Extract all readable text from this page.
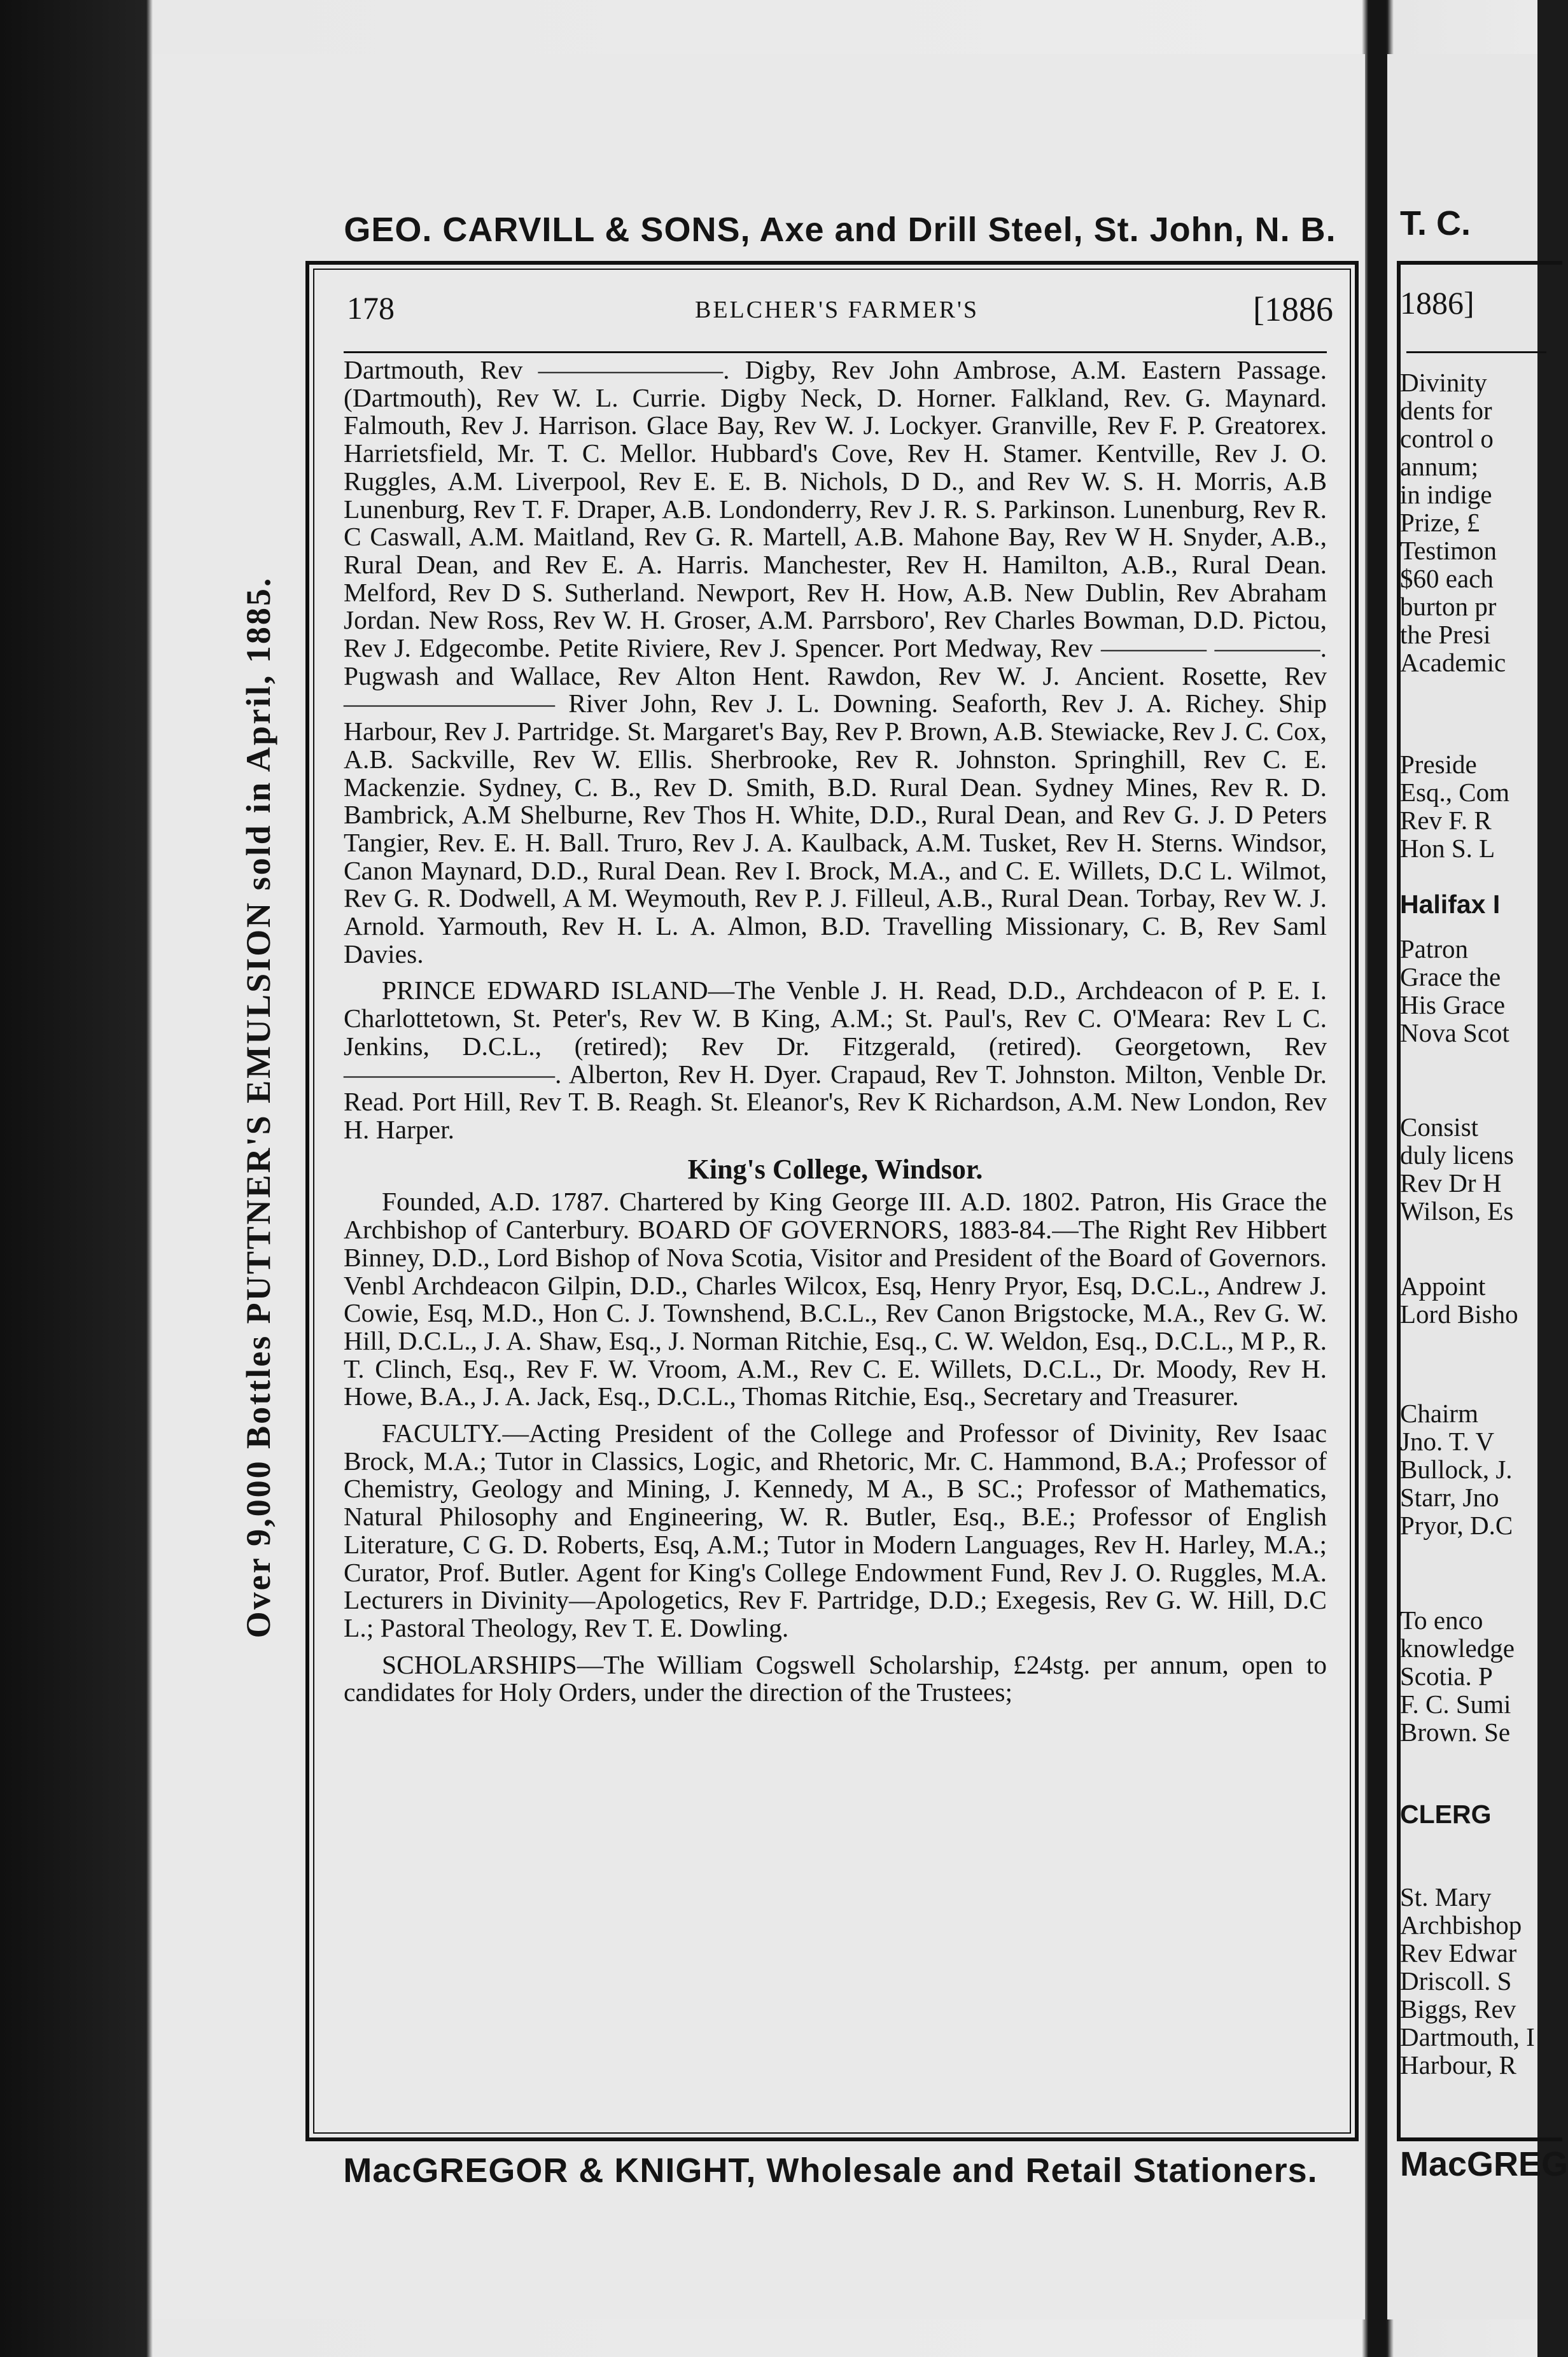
GEO. CARVILL & SONS, Axe and Drill Steel, St. John, N. B.
Over 9,000 Bottles PUTTNER'S EMULSION sold in April, 1885.
178	BELCHER'S FARMER'S	[1886

Dartmouth, Rev ———————. Digby, Rev John Ambrose, A.M. Eastern Passage. (Dartmouth), Rev W. L. Currie. Digby Neck, D. Horner. Falkland, Rev. G. Maynard. Falmouth, Rev J. Harrison. Glace Bay, Rev W. J. Lockyer. Granville, Rev F. P. Greatorex. Harrietsfield, Mr. T. C. Mellor. Hubbard's Cove, Rev H. Stamer. Kentville, Rev J. O. Ruggles, A.M. Liverpool, Rev E. E. B. Nichols, D D., and Rev W. S. H. Morris, A.B Lunenburg, Rev T. F. Draper, A.B. Londonderry, Rev J. R. S. Parkinson. Lunenburg, Rev R. C Caswall, A.M. Maitland, Rev G. R. Martell, A.B. Mahone Bay, Rev W H. Snyder, A.B., Rural Dean, and Rev E. A. Harris. Manchester, Rev H. Hamilton, A.B., Rural Dean. Melford, Rev D S. Sutherland. Newport, Rev H. How, A.B. New Dublin, Rev Abraham Jordan. New Ross, Rev W. H. Groser, A.M. Parrsboro', Rev Charles Bowman, D.D. Pictou, Rev J. Edgecombe. Petite Riviere, Rev J. Spencer. Port Medway, Rev ———— ————. Pugwash and Wallace, Rev Alton Hent. Rawdon, Rev W. J. Ancient. Rosette, Rev ———————— River John, Rev J. L. Downing. Seaforth, Rev J. A. Richey. Ship Harbour, Rev J. Partridge. St. Margaret's Bay, Rev P. Brown, A.B. Stewiacke, Rev J. C. Cox, A.B. Sackville, Rev W. Ellis. Sherbrooke, Rev R. Johnston. Springhill, Rev C. E. Mackenzie. Sydney, C. B., Rev D. Smith, B.D. Rural Dean. Sydney Mines, Rev R. D. Bambrick, A.M Shelburne, Rev Thos H. White, D.D., Rural Dean, and Rev G. J. D Peters Tangier, Rev. E. H. Ball. Truro, Rev J. A. Kaulback, A.M. Tusket, Rev H. Sterns. Windsor, Canon Maynard, D.D., Rural Dean. Rev I. Brock, M.A., and C. E. Willets, D.C L. Wilmot, Rev G. R. Dodwell, A M. Weymouth, Rev P. J. Filleul, A.B., Rural Dean. Torbay, Rev W. J. Arnold. Yarmouth, Rev H. L. A. Almon, B.D. Travelling Missionary, C. B, Rev Saml Davies.

PRINCE EDWARD ISLAND—The Venble J. H. Read, D.D., Archdeacon of P. E. I. Charlottetown, St. Peter's, Rev W. B King, A.M.; St. Paul's, Rev C. O'Meara: Rev L C. Jenkins, D.C.L., (retired); Rev Dr. Fitzgerald, (retired). Georgetown, Rev ————————. Alberton, Rev H. Dyer. Crapaud, Rev T. Johnston. Milton, Venble Dr. Read. Port Hill, Rev T. B. Reagh. St. Eleanor's, Rev K Richardson, A.M. New London, Rev H. Harper.

King's College, Windsor.

Founded, A.D. 1787. Chartered by King George III. A.D. 1802. Patron, His Grace the Archbishop of Canterbury. BOARD OF GOVERNORS, 1883-84.—The Right Rev Hibbert Binney, D.D., Lord Bishop of Nova Scotia, Visitor and President of the Board of Governors. Venbl Archdeacon Gilpin, D.D., Charles Wilcox, Esq, Henry Pryor, Esq, D.C.L., Andrew J. Cowie, Esq, M.D., Hon C. J. Townshend, B.C.L., Rev Canon Brigstocke, M.A., Rev G. W. Hill, D.C.L., J. A. Shaw, Esq., J. Norman Ritchie, Esq., C. W. Weldon, Esq., D.C.L., M P., R. T. Clinch, Esq., Rev F. W. Vroom, A.M., Rev C. E. Willets, D.C.L., Dr. Moody, Rev H. Howe, B.A., J. A. Jack, Esq., D.C.L., Thomas Ritchie, Esq., Secretary and Treasurer.

FACULTY.—Acting President of the College and Professor of Divinity, Rev Isaac Brock, M.A.; Tutor in Classics, Logic, and Rhetoric, Mr. C. Hammond, B.A.; Professor of Chemistry, Geology and Mining, J. Kennedy, M A., B SC.; Professor of Mathematics, Natural Philosophy and Engineering, W. R. Butler, Esq., B.E.; Professor of English Literature, C G. D. Roberts, Esq, A.M.; Tutor in Modern Languages, Rev H. Harley, M.A.; Curator, Prof. Butler. Agent for King's College Endowment Fund, Rev J. O. Ruggles, M.A. Lecturers in Divinity—Apologetics, Rev F. Partridge, D.D.; Exegesis, Rev G. W. Hill, D.C L.; Pastoral Theology, Rev T. E. Dowling.

SCHOLARSHIPS—The William Cogswell Scholarship, £24stg. per annum, open to candidates for Holy Orders, under the direction of the Trustees;

MacGREGOR & KNIGHT, Wholesale and Retail Stationers.
T. C.
1886]
Divinity
dents for
control o
annum;
in indige
Prize, £
Testimon
$60 each
burton pr
the Presi
Academic
Preside
Esq., Com
Rev F. R
Hon S. L
Halifax I
Patron
Grace the
His Grace
Nova Scot
Consist
duly licens
Rev Dr H
Wilson, Es
Appoint
Lord Bisho
Chairm
Jno. T. V
Bullock, J.
Starr, Jno
Pryor, D.C
To enco
knowledge
Scotia. P
F. C. Sumi
Brown. Se
CLERG
St. Mary
Archbishop
Rev Edwar
Driscoll. S
Biggs, Rev
Dartmouth, I
Harbour, R
MacGREG
